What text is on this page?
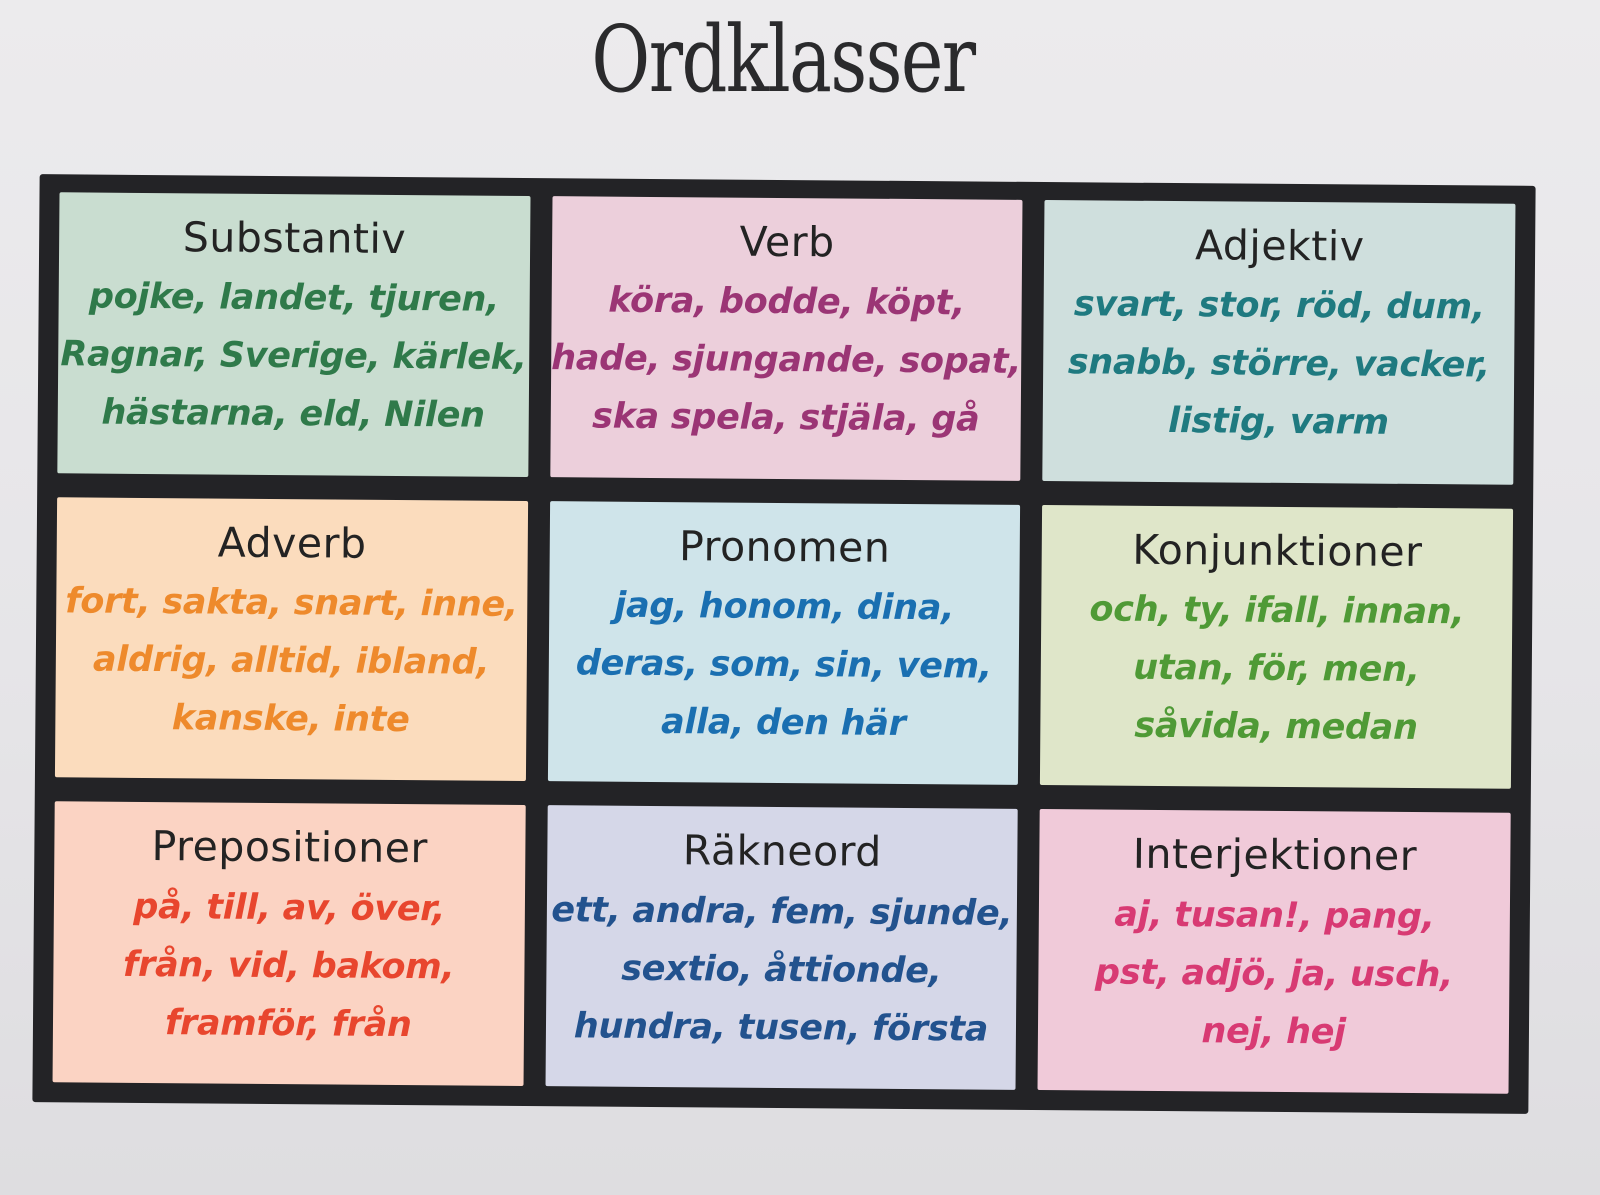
Ordklasser
Substantiv
pojke, landet, tjuren,
Ragnar, Sverige, kärlek,
hästarna, eld, Nilen
Verb
köra, bodde, köpt,
hade, sjungande, sopat,
ska spela, stjäla, gå
Adjektiv
svart, stor, röd, dum,
snabb, större, vacker,
listig, varm
Adverb
fort, sakta, snart, inne,
aldrig, alltid, ibland,
kanske, inte
Pronomen
jag, honom, dina,
deras, som, sin, vem,
alla, den här
Konjunktioner
och, ty, ifall, innan,
utan, för, men,
såvida, medan
Prepositioner
på, till, av, över,
från, vid, bakom,
framför, från
Räkneord
ett, andra, fem, sjunde,
sextio, åttionde,
hundra, tusen, första
Interjektioner
aj, tusan!, pang,
pst, adjö, ja, usch,
nej, hej
